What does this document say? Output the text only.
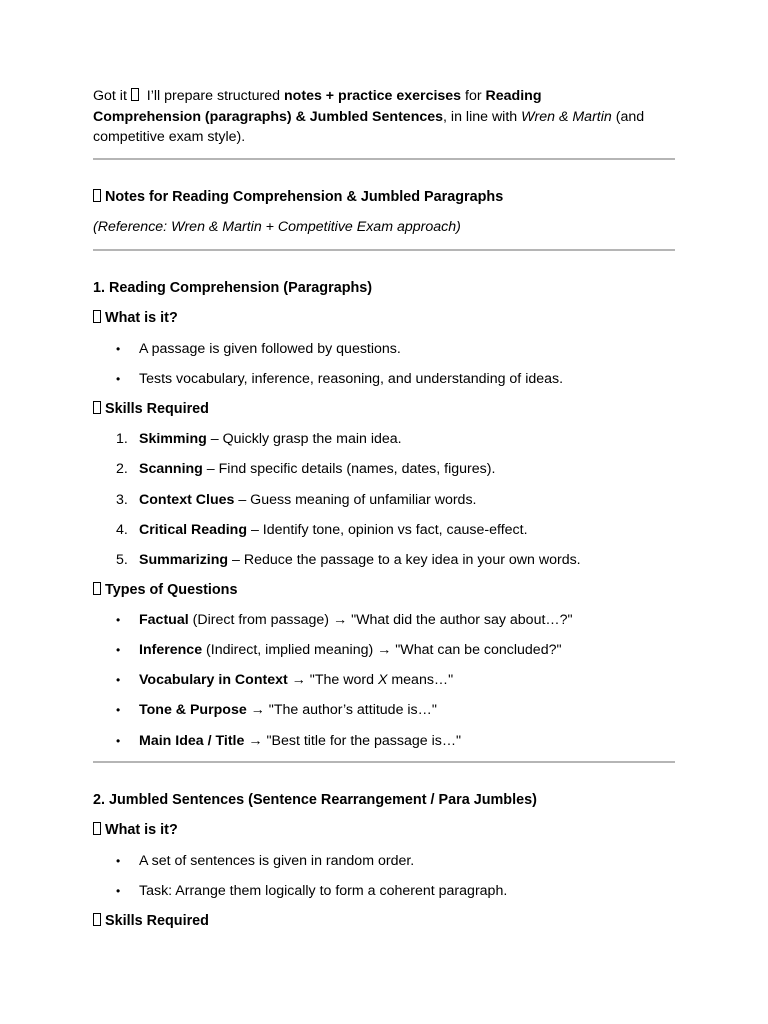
Got it  I’ll prepare structured notes + practice exercises for Reading Comprehension (paragraphs) & Jumbled Sentences, in line with Wren & Martin (and competitive exam style).
Notes for Reading Comprehension & Jumbled Paragraphs
(Reference: Wren & Martin + Competitive Exam approach)
1. Reading Comprehension (Paragraphs)
What is it?
• A passage is given followed by questions.
• Tests vocabulary, inference, reasoning, and understanding of ideas.
Skills Required
1. Skimming – Quickly grasp the main idea.
2. Scanning – Find specific details (names, dates, figures).
3. Context Clues – Guess meaning of unfamiliar words.
4. Critical Reading – Identify tone, opinion vs fact, cause-effect.
5. Summarizing – Reduce the passage to a key idea in your own words.
Types of Questions
• Factual (Direct from passage) → "What did the author say about…?"
• Inference (Indirect, implied meaning) → "What can be concluded?"
• Vocabulary in Context → "The word X means…"
• Tone & Purpose → "The author’s attitude is…"
• Main Idea / Title → "Best title for the passage is…"
2. Jumbled Sentences (Sentence Rearrangement / Para Jumbles)
What is it?
• A set of sentences is given in random order.
• Task: Arrange them logically to form a coherent paragraph.
Skills Required
